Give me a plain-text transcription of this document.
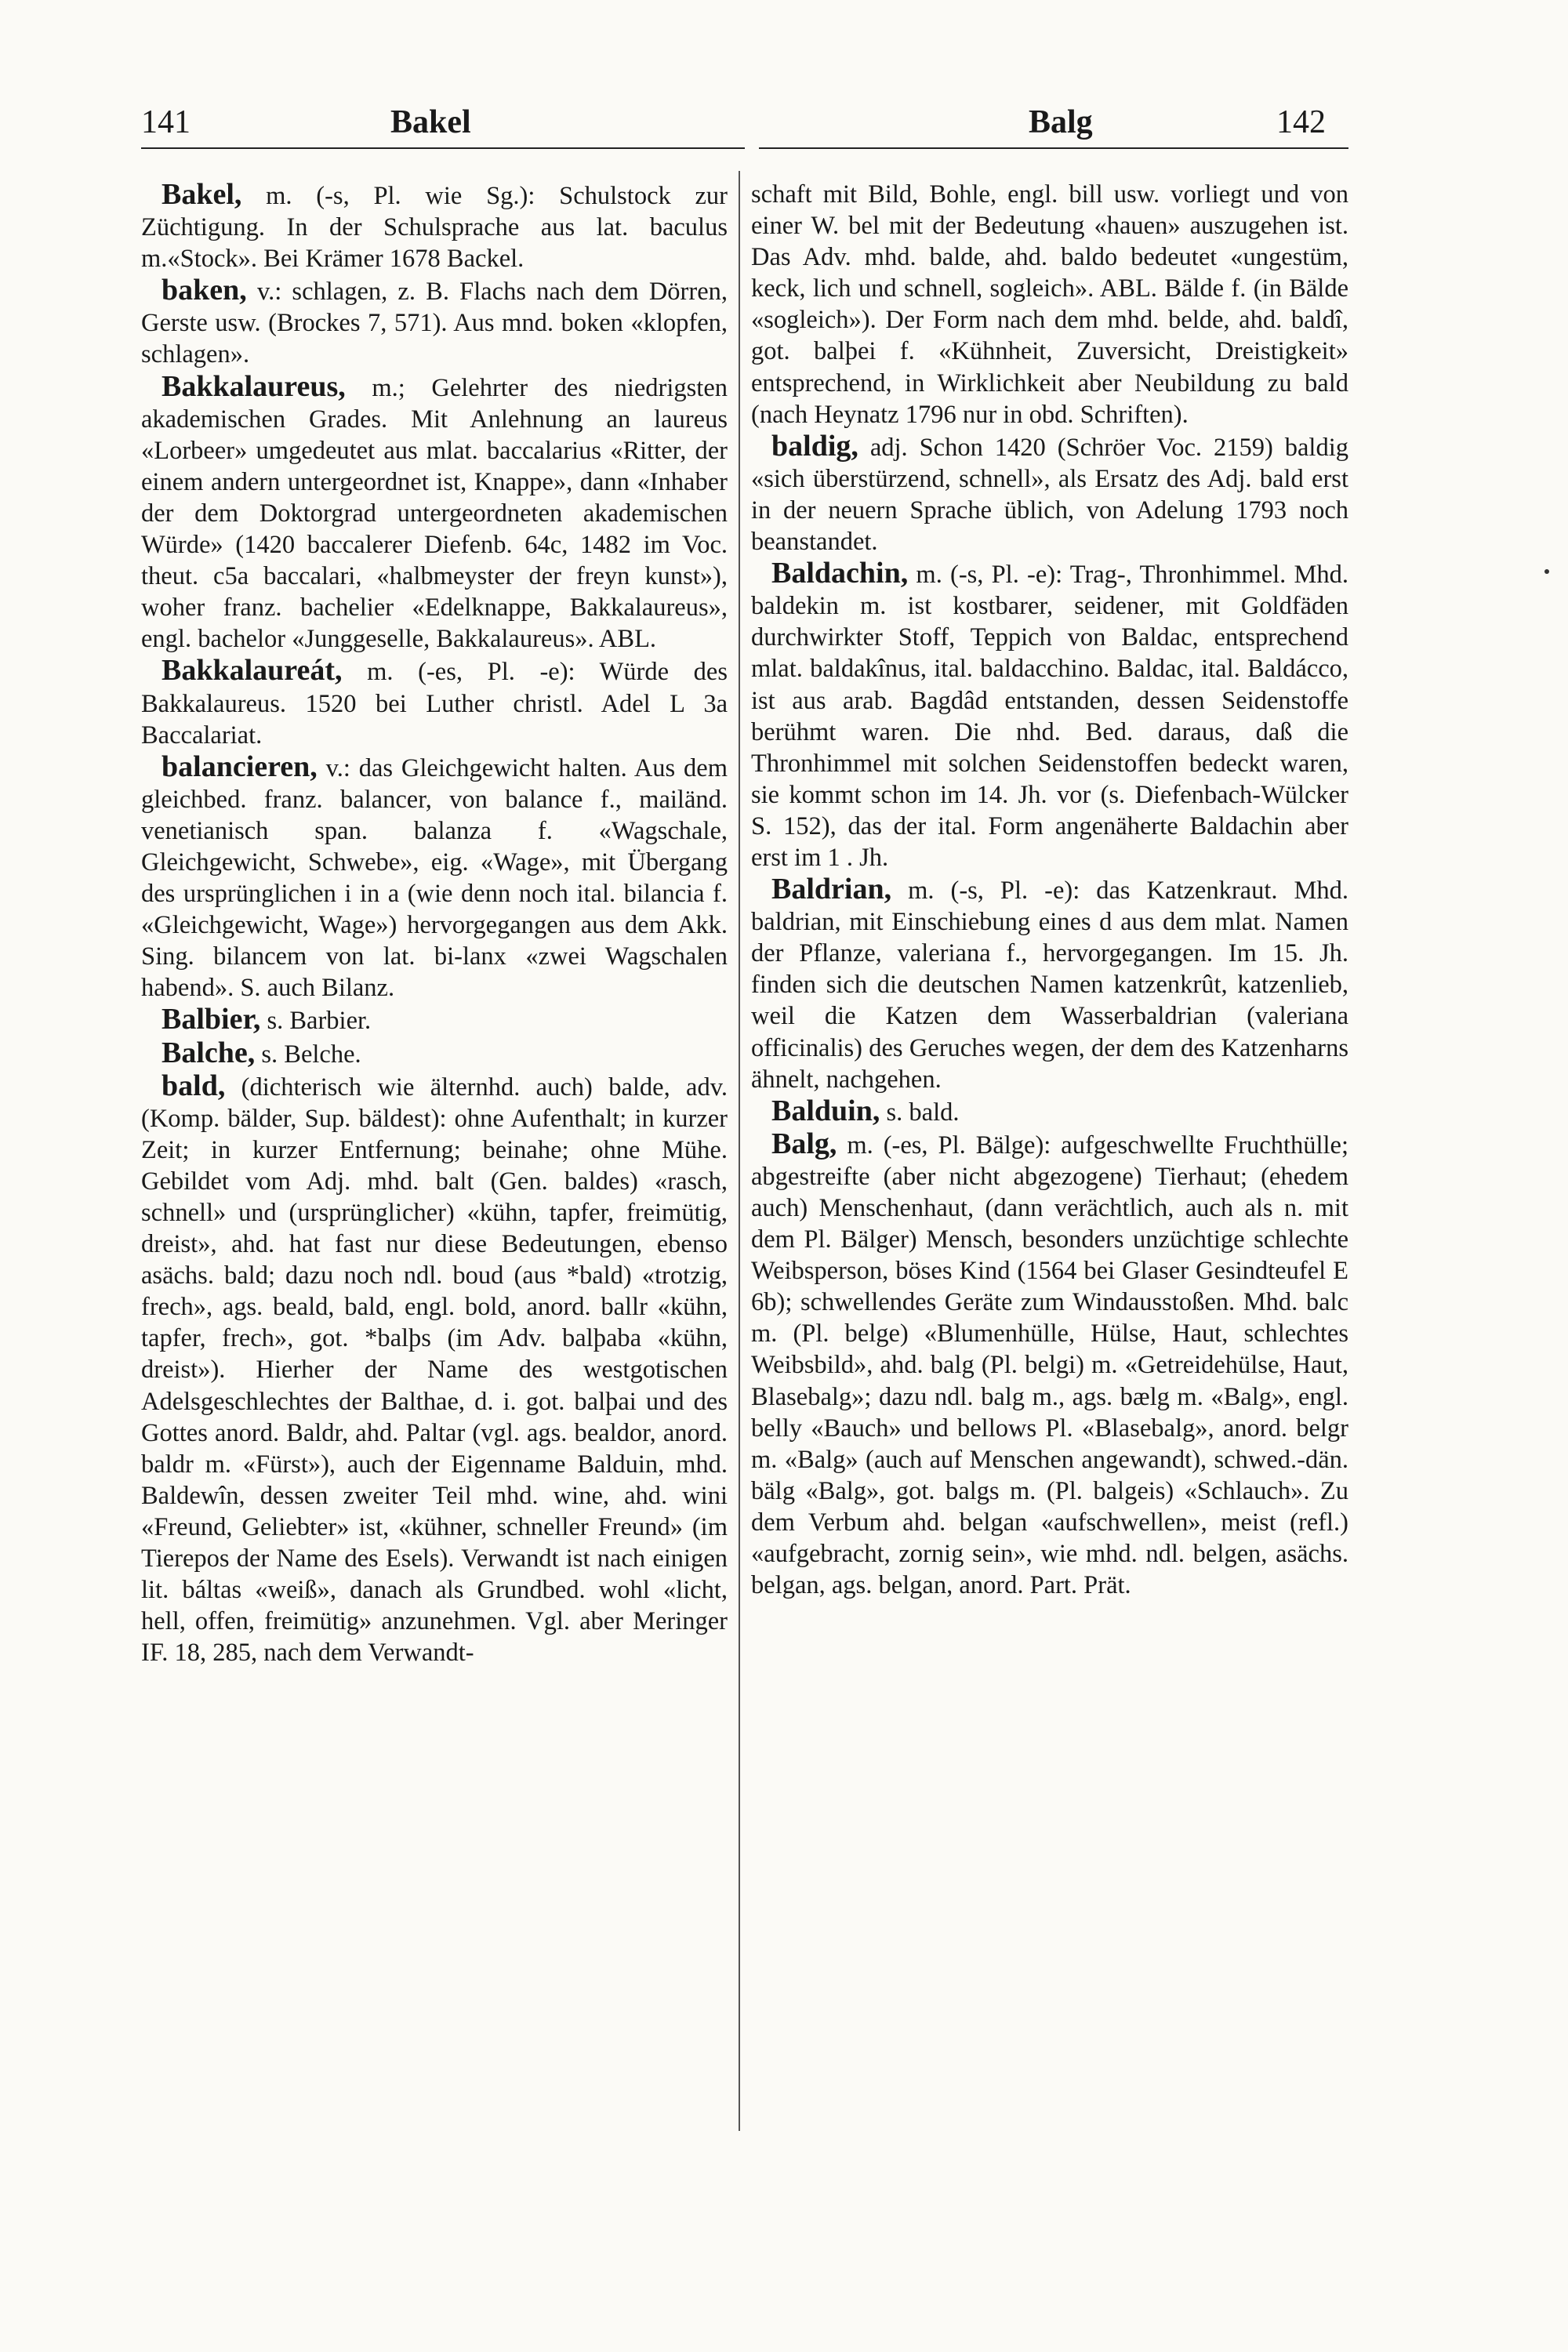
141	Bakel	Balg	142

Bakel, m. (-s, Pl. wie Sg.): Schulstock zur Züchtigung. In der Schulsprache aus lat. baculus m.«Stock». Bei Krämer 1678 Backel.

baken, v.: schlagen, z. B. Flachs nach dem Dörren, Gerste usw. (Brockes 7, 571). Aus mnd. boken «klopfen, schlagen».

Bakkalaureus, m.; Gelehrter des niedrigsten akademischen Grades. Mit Anlehnung an laureus «Lorbeer» umgedeutet aus mlat. baccalarius «Ritter, der einem andern untergeordnet ist, Knappe», dann «Inhaber der dem Doktorgrad untergeordneten akademischen Würde» (1420 baccalerer Diefenb. 64c, 1482 im Voc. theut. c5a baccalari, «halbmeyster der freyn kunst»), woher franz. bachelier «Edelknappe, Bakkalaureus», engl. bachelor «Junggeselle, Bakkalaureus». ABL.

Bakkalaureát, m. (-es, Pl. -e): Würde des Bakkalaureus. 1520 bei Luther christl. Adel L 3a Baccalariat.

balancieren, v.: das Gleichgewicht halten. Aus dem gleichbed. franz. balancer, von balance f., mailänd. venetianisch span. balanza f. «Wagschale, Gleichgewicht, Schwebe», eig. «Wage», mit Übergang des ursprünglichen i in a (wie denn noch ital. bilancia f. «Gleichgewicht, Wage») hervorgegangen aus dem Akk. Sing. bilancem von lat. bi-lanx «zwei Wagschalen habend». S. auch Bilanz.

Balbier, s. Barbier.

Balche, s. Belche.

bald, (dichterisch wie älternhd. auch) balde, adv. (Komp. bälder, Sup. bäldest): ohne Aufenthalt; in kurzer Zeit; in kurzer Entfernung; beinahe; ohne Mühe. Gebildet vom Adj. mhd. balt (Gen. baldes) «rasch, schnell» und (ursprünglicher) «kühn, tapfer, freimütig, dreist», ahd. hat fast nur diese Bedeutungen, ebenso asächs. bald; dazu noch ndl. boud (aus *bald) «trotzig, frech», ags. beald, bald, engl. bold, anord. ballr «kühn, tapfer, frech», got. *balþs (im Adv. balþaba «kühn, dreist»). Hierher der Name des westgotischen Adelsgeschlechtes der Balthae, d. i. got. balþai und des Gottes anord. Baldr, ahd. Paltar (vgl. ags. bealdor, anord. baldr m. «Fürst»), auch der Eigenname Balduin, mhd. Baldewîn, dessen zweiter Teil mhd. wine, ahd. wini «Freund, Geliebter» ist, «kühner, schneller Freund» (im Tierepos der Name des Esels). Verwandt ist nach einigen lit. báltas «weiß», danach als Grundbed. wohl «licht, hell, offen, freimütig» anzunehmen. Vgl. aber Meringer IF. 18, 285, nach dem Verwandt-

schaft mit Bild, Bohle, engl. bill usw. vorliegt und von einer W. bel mit der Bedeutung «hauen» auszugehen ist. Das Adv. mhd. balde, ahd. baldo bedeutet «ungestüm, keck, lich und schnell, sogleich». ABL. Bälde f. (in Bälde «sogleich»). Der Form nach dem mhd. belde, ahd. baldî, got. balþei f. «Kühnheit, Zuversicht, Dreistigkeit» entsprechend, in Wirklichkeit aber Neubildung zu bald (nach Heynatz 1796 nur in obd. Schriften).

baldig, adj. Schon 1420 (Schröer Voc. 2159) baldig «sich überstürzend, schnell», als Ersatz des Adj. bald erst in der neuern Sprache üblich, von Adelung 1793 noch beanstandet.

Baldachin, m. (-s, Pl. -e): Trag-, Thronhimmel. Mhd. baldekin m. ist kostbarer, seidener, mit Goldfäden durchwirkter Stoff, Teppich von Baldac, entsprechend mlat. baldakînus, ital. baldacchino. Baldac, ital. Baldácco, ist aus arab. Bagdâd entstanden, dessen Seidenstoffe berühmt waren. Die nhd. Bed. daraus, daß die Thronhimmel mit solchen Seidenstoffen bedeckt waren, sie kommt schon im 14. Jh. vor (s. Diefenbach-Wülcker S. 152), das der ital. Form angenäherte Baldachin aber erst im 1 . Jh.

Baldrian, m. (-s, Pl. -e): das Katzenkraut. Mhd. baldrian, mit Einschiebung eines d aus dem mlat. Namen der Pflanze, valeriana f., hervorgegangen. Im 15. Jh. finden sich die deutschen Namen katzenkrût, katzenlieb, weil die Katzen dem Wasserbaldrian (valeriana officinalis) des Geruches wegen, der dem des Katzenharns ähnelt, nachgehen.

Balduin, s. bald.

Balg, m. (-es, Pl. Bälge): aufgeschwellte Fruchthülle; abgestreifte (aber nicht abgezogene) Tierhaut; (ehedem auch) Menschenhaut, (dann verächtlich, auch als n. mit dem Pl. Bälger) Mensch, besonders unzüchtige schlechte Weibsperson, böses Kind (1564 bei Glaser Gesindteufel E 6b); schwellendes Geräte zum Windausstoßen. Mhd. balc m. (Pl. belge) «Blumenhülle, Hülse, Haut, schlechtes Weibsbild», ahd. balg (Pl. belgi) m. «Getreidehülse, Haut, Blasebalg»; dazu ndl. balg m., ags. bælg m. «Balg», engl. belly «Bauch» und bellows Pl. «Blasebalg», anord. belgr m. «Balg» (auch auf Menschen angewandt), schwed.-dän. bälg «Balg», got. balgs m. (Pl. balgeis) «Schlauch». Zu dem Verbum ahd. belgan «aufschwellen», meist (refl.) «aufgebracht, zornig sein», wie mhd. ndl. belgen, asächs. belgan, ags. belgan, anord. Part. Prät.
